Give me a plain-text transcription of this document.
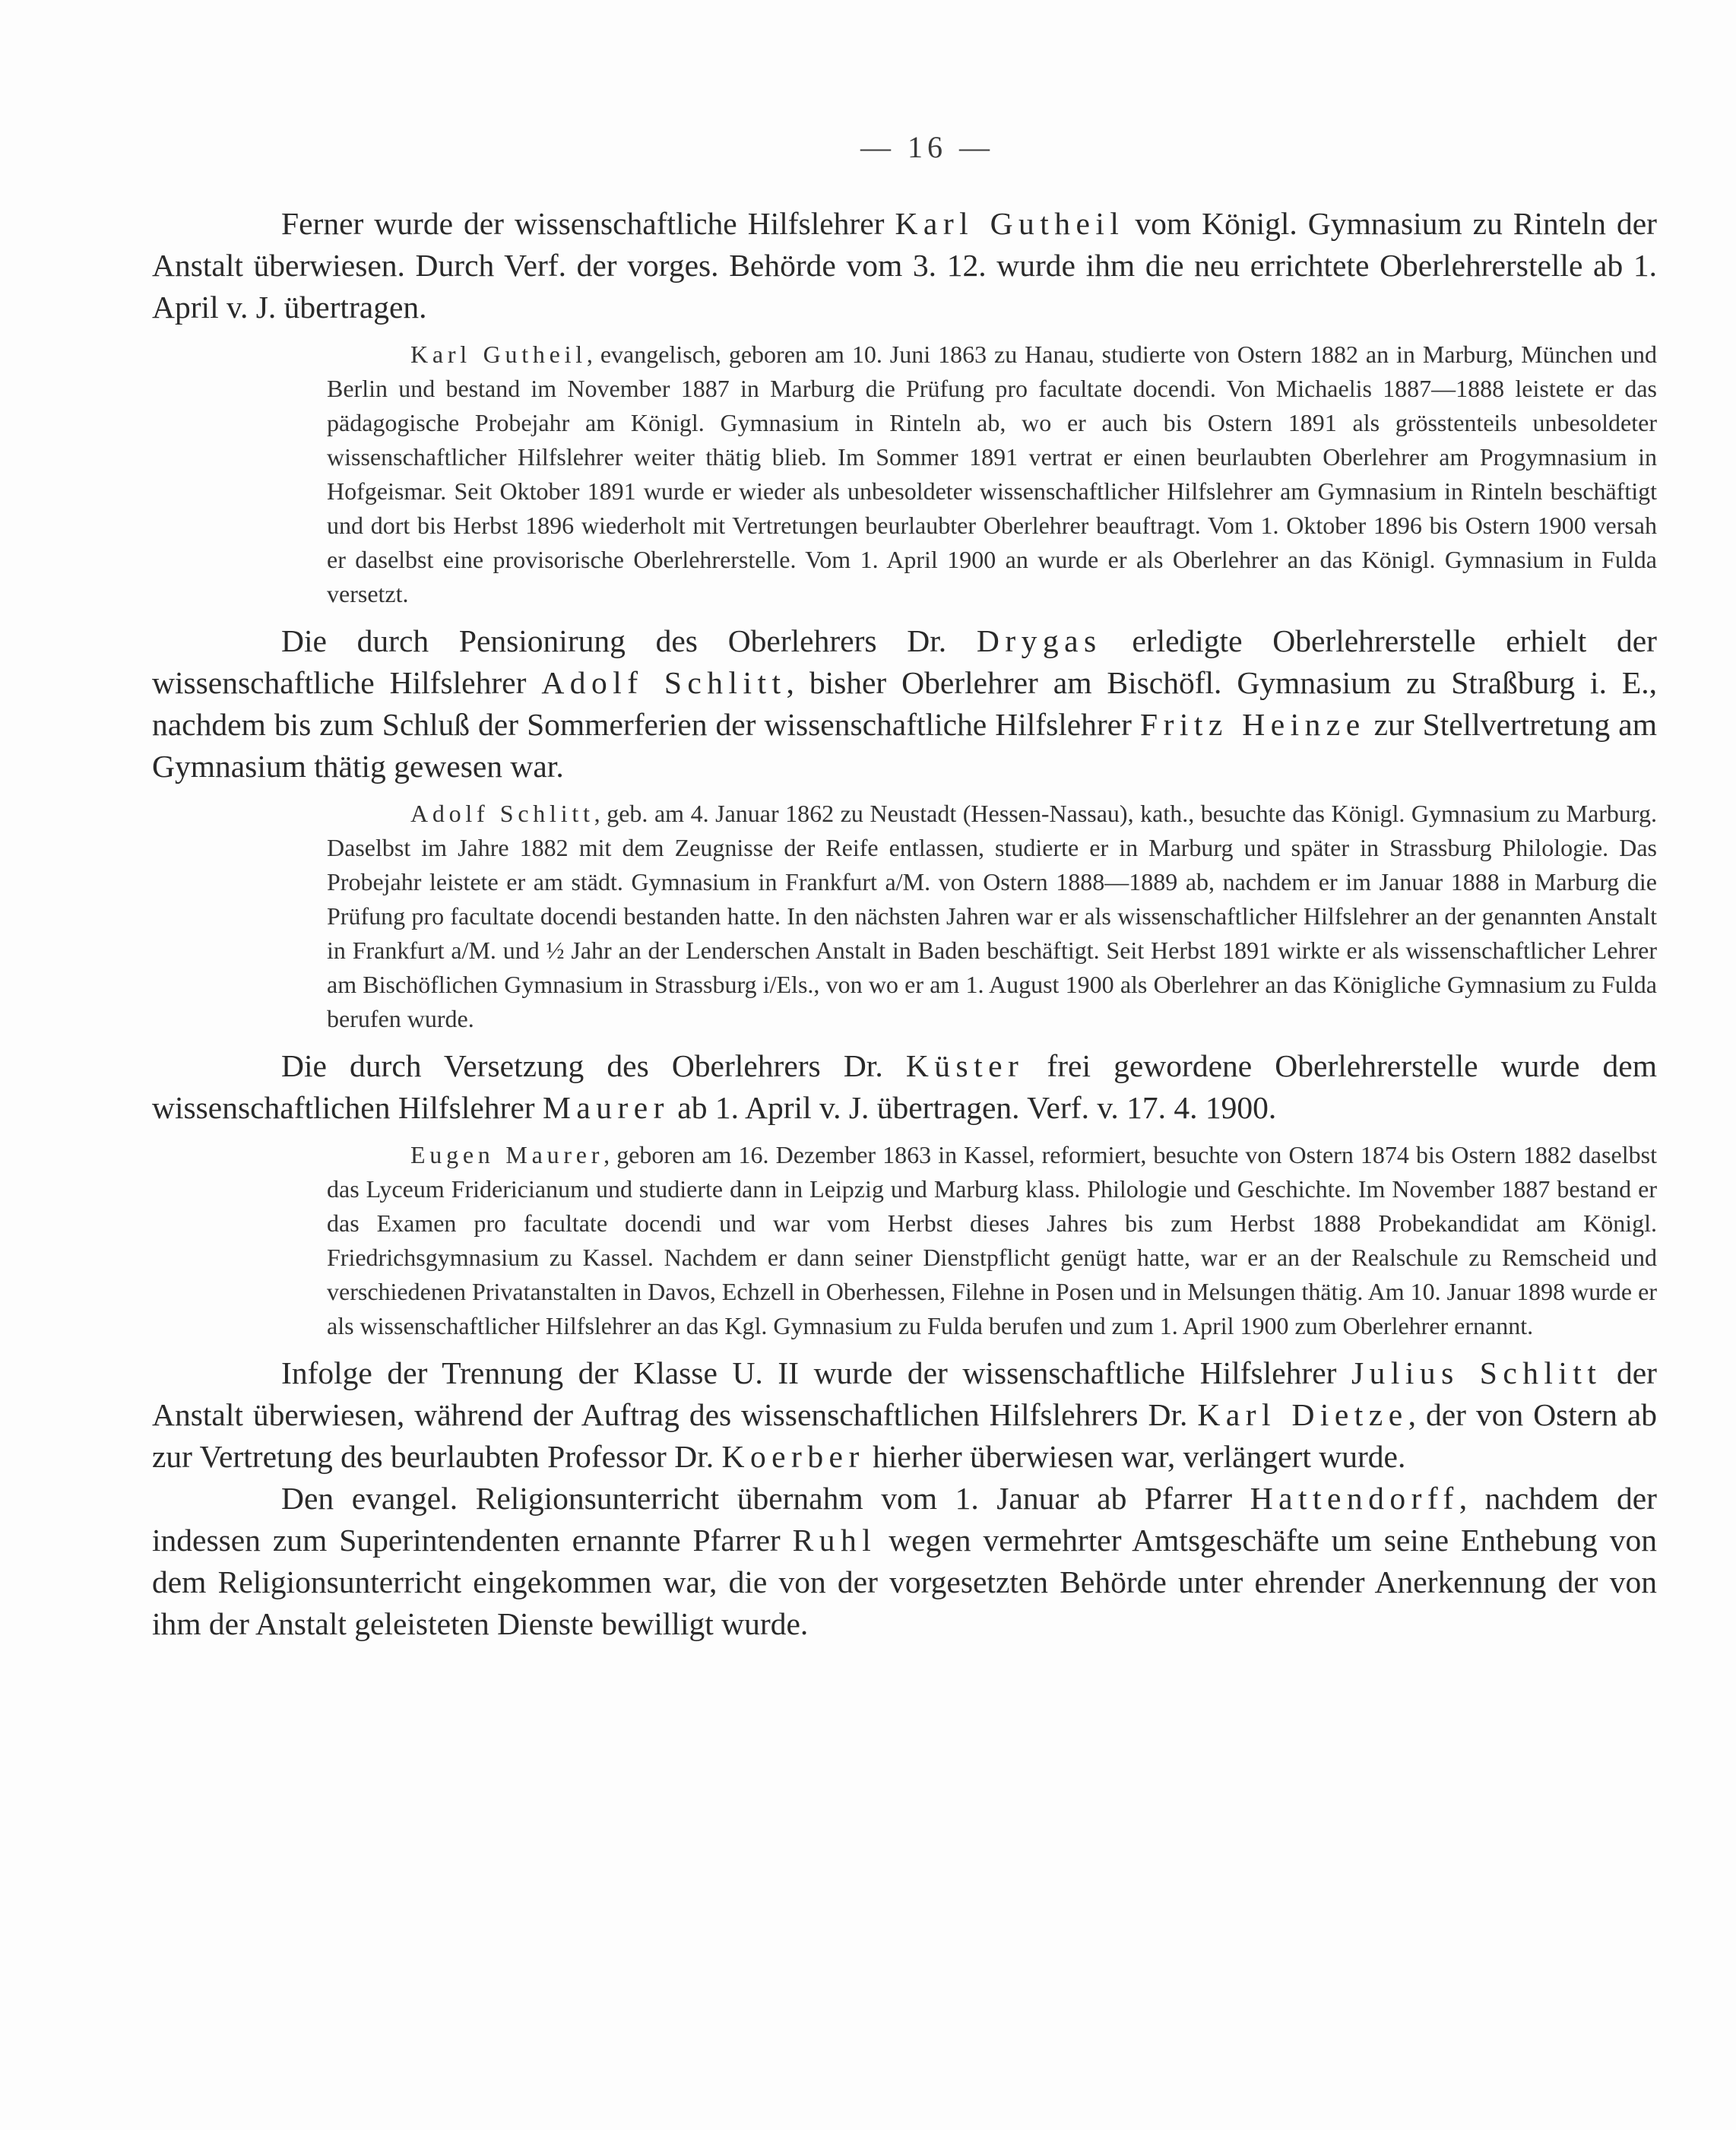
— 16 —

Ferner wurde der wissenschaftliche Hilfslehrer Karl Gutheil vom Königl. Gymnasium zu Rinteln der Anstalt überwiesen. Durch Verf. der vorges. Behörde vom 3. 12. wurde ihm die neu errichtete Oberlehrerstelle ab 1. April v. J. übertragen.

Karl Gutheil, evangelisch, geboren am 10. Juni 1863 zu Hanau, studierte von Ostern 1882 an in Marburg, München und Berlin und bestand im November 1887 in Marburg die Prüfung pro facultate docendi. Von Michaelis 1887—1888 leistete er das pädagogische Probejahr am Königl. Gymnasium in Rinteln ab, wo er auch bis Ostern 1891 als grösstenteils unbesoldeter wissenschaftlicher Hilfslehrer weiter thätig blieb. Im Sommer 1891 vertrat er einen beurlaubten Oberlehrer am Progymnasium in Hofgeismar. Seit Oktober 1891 wurde er wieder als unbesoldeter wissenschaftlicher Hilfslehrer am Gymnasium in Rinteln beschäftigt und dort bis Herbst 1896 wiederholt mit Vertretungen beurlaubter Oberlehrer beauftragt. Vom 1. Oktober 1896 bis Ostern 1900 versah er daselbst eine provisorische Oberlehrerstelle. Vom 1. April 1900 an wurde er als Oberlehrer an das Königl. Gymnasium in Fulda versetzt.

Die durch Pensionirung des Oberlehrers Dr. Drygas erledigte Oberlehrerstelle erhielt der wissenschaftliche Hilfslehrer Adolf Schlitt, bisher Oberlehrer am Bischöfl. Gymnasium zu Straßburg i. E., nachdem bis zum Schluß der Sommerferien der wissenschaftliche Hilfslehrer Fritz Heinze zur Stellvertretung am Gymnasium thätig gewesen war.

Adolf Schlitt, geb. am 4. Januar 1862 zu Neustadt (Hessen-Nassau), kath., besuchte das Königl. Gymnasium zu Marburg. Daselbst im Jahre 1882 mit dem Zeugnisse der Reife entlassen, studierte er in Marburg und später in Strassburg Philologie. Das Probejahr leistete er am städt. Gymnasium in Frankfurt a/M. von Ostern 1888—1889 ab, nachdem er im Januar 1888 in Marburg die Prüfung pro facultate docendi bestanden hatte. In den nächsten Jahren war er als wissenschaftlicher Hilfslehrer an der genannten Anstalt in Frankfurt a/M. und ½ Jahr an der Lenderschen Anstalt in Baden beschäftigt. Seit Herbst 1891 wirkte er als wissenschaftlicher Lehrer am Bischöflichen Gymnasium in Strassburg i/Els., von wo er am 1. August 1900 als Oberlehrer an das Königliche Gymnasium zu Fulda berufen wurde.

Die durch Versetzung des Oberlehrers Dr. Küster frei gewordene Oberlehrerstelle wurde dem wissenschaftlichen Hilfslehrer Maurer ab 1. April v. J. übertragen. Verf. v. 17. 4. 1900.

Eugen Maurer, geboren am 16. Dezember 1863 in Kassel, reformiert, besuchte von Ostern 1874 bis Ostern 1882 daselbst das Lyceum Fridericianum und studierte dann in Leipzig und Marburg klass. Philologie und Geschichte. Im November 1887 bestand er das Examen pro facultate docendi und war vom Herbst dieses Jahres bis zum Herbst 1888 Probekandidat am Königl. Friedrichsgymnasium zu Kassel. Nachdem er dann seiner Dienstpflicht genügt hatte, war er an der Realschule zu Remscheid und verschiedenen Privatanstalten in Davos, Echzell in Oberhessen, Filehne in Posen und in Melsungen thätig. Am 10. Januar 1898 wurde er als wissenschaftlicher Hilfslehrer an das Kgl. Gymnasium zu Fulda berufen und zum 1. April 1900 zum Oberlehrer ernannt.

Infolge der Trennung der Klasse U. II wurde der wissenschaftliche Hilfslehrer Julius Schlitt der Anstalt überwiesen, während der Auftrag des wissenschaftlichen Hilfslehrers Dr. Karl Dietze, der von Ostern ab zur Vertretung des beurlaubten Professor Dr. Koerber hierher überwiesen war, verlängert wurde.

Den evangel. Religionsunterricht übernahm vom 1. Januar ab Pfarrer Hattendorff, nachdem der indessen zum Superintendenten ernannte Pfarrer Ruhl wegen vermehrter Amtsgeschäfte um seine Enthebung von dem Religionsunterricht eingekommen war, die von der vorgesetzten Behörde unter ehrender Anerkennung der von ihm der Anstalt geleisteten Dienste bewilligt wurde.
